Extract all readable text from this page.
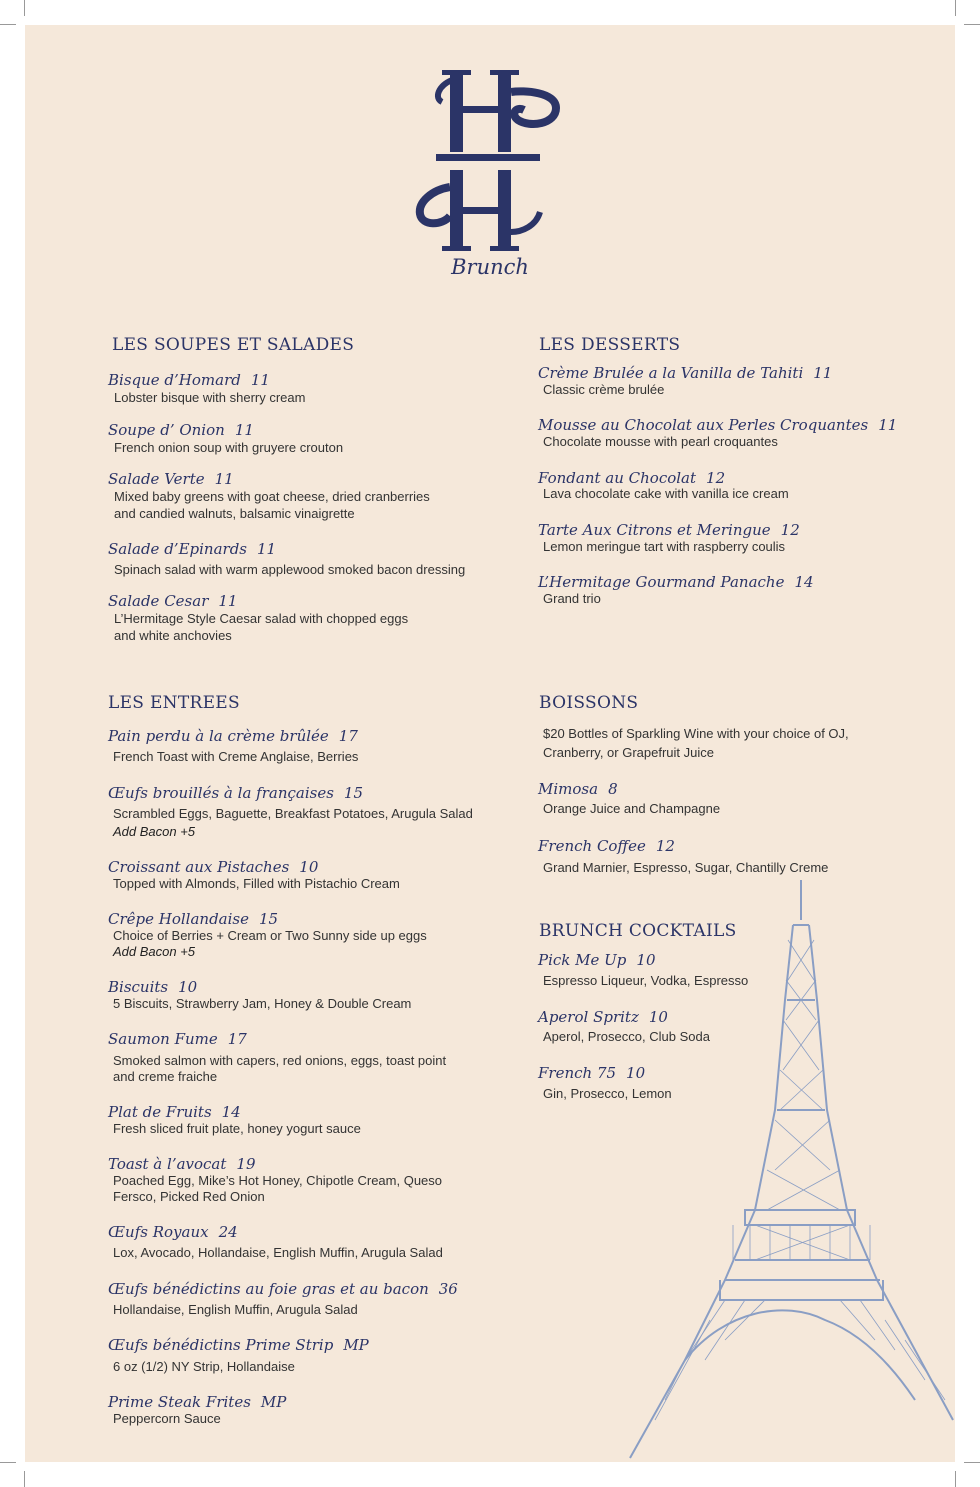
Brunch
LES SOUPES ET SALADES
Bisque d’Homard 11
Lobster bisque with sherry cream
Soupe d’ Onion 11
French onion soup with gruyere crouton
Salade Verte 11
Mixed baby greens with goat cheese, dried cranberries
and candied walnuts, balsamic vinaigrette
Salade d’Epinards 11
Spinach salad with warm applewood smoked bacon dressing
Salade Cesar 11
L’Hermitage Style Caesar salad with chopped eggs
and white anchovies
LES DESSERTS
Crème Brulée a la Vanilla de Tahiti 11
Classic crème brulée
Mousse au Chocolat aux Perles Croquantes 11
Chocolate mousse with pearl croquantes
Fondant au Chocolat 12
Lava chocolate cake with vanilla ice cream
Tarte Aux Citrons et Meringue 12
Lemon meringue tart with raspberry coulis
L’Hermitage Gourmand Panache 14
Grand trio
LES ENTREES
Pain perdu à la crème brûlée 17
French Toast with Creme Anglaise, Berries
Œufs brouillés à la françaises 15
Scrambled Eggs, Baguette, Breakfast Potatoes, Arugula Salad
Add Bacon +5
Croissant aux Pistaches 10
Topped with Almonds, Filled with Pistachio Cream
Crêpe Hollandaise 15
Choice of Berries + Cream or Two Sunny side up eggs
Add Bacon +5
Biscuits 10
5 Biscuits, Strawberry Jam, Honey & Double Cream
Saumon Fume 17
Smoked salmon with capers, red onions, eggs, toast point
and creme fraiche
Plat de Fruits 14
Fresh sliced fruit plate, honey yogurt sauce
Toast à l’avocat 19
Poached Egg, Mike’s Hot Honey, Chipotle Cream, Queso
Fersco, Picked Red Onion
Œufs Royaux 24
Lox, Avocado, Hollandaise, English Muffin, Arugula Salad
Œufs bénédictins au foie gras et au bacon 36
Hollandaise, English Muffin, Arugula Salad
Œufs bénédictins Prime Strip MP
6 oz (1/2) NY Strip, Hollandaise
Prime Steak Frites MP
Peppercorn Sauce
BOISSONS
$20 Bottles of Sparkling Wine with your choice of OJ,
Cranberry, or Grapefruit Juice
Mimosa 8
Orange Juice and Champagne
French Coffee 12
Grand Marnier, Espresso, Sugar, Chantilly Creme
BRUNCH COCKTAILS
Pick Me Up 10
Espresso Liqueur, Vodka, Espresso
Aperol Spritz 10
Aperol, Prosecco, Club Soda
French 75 10
Gin, Prosecco, Lemon
